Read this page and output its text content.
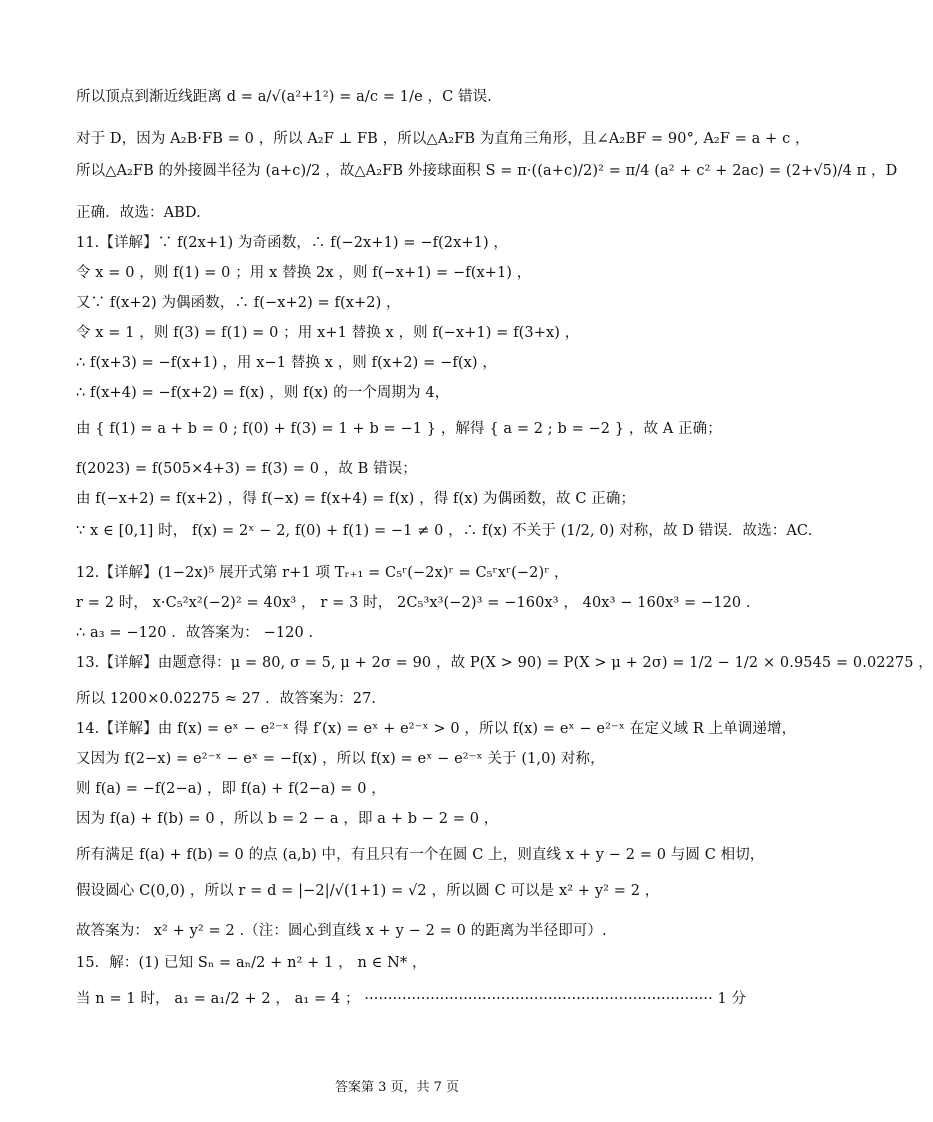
所以顶点到渐近线距离 d = a/√(a²+1²) = a/c = 1/e ，C 错误.
对于 D，因为 A₂B·FB = 0 ，所以 A₂F ⊥ FB ，所以△A₂FB 为直角三角形，且∠A₂BF = 90°, A₂F = a + c ，
所以△A₂FB 的外接圆半径为 (a+c)/2 ，故△A₂FB 外接球面积 S = π·((a+c)/2)² = π/4 (a² + c² + 2ac) = (2+√5)/4 π ，D
正确．故选：ABD.
11.【详解】∵ f(2x+1) 为奇函数，∴ f(−2x+1) = −f(2x+1) ，
令 x = 0 ，则 f(1) = 0 ；用 x 替换 2x ，则 f(−x+1) = −f(x+1) ，
又∵ f(x+2) 为偶函数，∴ f(−x+2) = f(x+2) ，
令 x = 1 ，则 f(3) = f(1) = 0 ；用 x+1 替换 x ，则 f(−x+1) = f(3+x) ，
∴ f(x+3) = −f(x+1) ，用 x−1 替换 x ，则 f(x+2) = −f(x) ，
∴ f(x+4) = −f(x+2) = f(x) ，则 f(x) 的一个周期为 4，
由 { f(1) = a + b = 0 ; f(0) + f(3) = 1 + b = −1 } ，解得 { a = 2 ; b = −2 } ，故 A 正确；
f(2023) = f(505×4+3) = f(3) = 0 ，故 B 错误；
由 f(−x+2) = f(x+2) ，得 f(−x) = f(x+4) = f(x) ，得 f(x) 为偶函数，故 C 正确；
∵ x ∈ [0,1] 时， f(x) = 2ˣ − 2, f(0) + f(1) = −1 ≠ 0 ，∴ f(x) 不关于 (1/2, 0) 对称，故 D 错误．故选：AC.
12.【详解】(1−2x)⁵ 展开式第 r+1 项 Tᵣ₊₁ = C₅ʳ(−2x)ʳ = C₅ʳxʳ(−2)ʳ ，
r = 2 时， x·C₅²x²(−2)² = 40x³ ， r = 3 时， 2C₅³x³(−2)³ = −160x³ ， 40x³ − 160x³ = −120 .
∴ a₃ = −120 ．故答案为： −120 .
13.【详解】由题意得：μ = 80, σ = 5, μ + 2σ = 90 ，故 P(X > 90) = P(X > μ + 2σ) = 1/2 − 1/2 × 0.9545 = 0.02275 ，
所以 1200×0.02275 ≈ 27 ．故答案为：27.
14.【详解】由 f(x) = eˣ − e²⁻ˣ 得 f′(x) = eˣ + e²⁻ˣ > 0 ，所以 f(x) = eˣ − e²⁻ˣ 在定义域 R 上单调递增，
又因为 f(2−x) = e²⁻ˣ − eˣ = −f(x) ，所以 f(x) = eˣ − e²⁻ˣ 关于 (1,0) 对称，
则 f(a) = −f(2−a) ，即 f(a) + f(2−a) = 0 ，
因为 f(a) + f(b) = 0 ，所以 b = 2 − a ，即 a + b − 2 = 0 ，
所有满足 f(a) + f(b) = 0 的点 (a,b) 中，有且只有一个在圆 C 上，则直线 x + y − 2 = 0 与圆 C 相切，
假设圆心 C(0,0) ，所以 r = d = |−2|/√(1+1) = √2 ，所以圆 C 可以是 x² + y² = 2 ，
故答案为： x² + y² = 2 .（注：圆心到直线 x + y − 2 = 0 的距离为半径即可）.
15．解：(1) 已知 Sₙ = aₙ/2 + n² + 1 ， n ∈ N* ，
当 n = 1 时， a₁ = a₁/2 + 2 ， a₁ = 4 ； ·········································································· 1 分
答案第 3 页，共 7 页
